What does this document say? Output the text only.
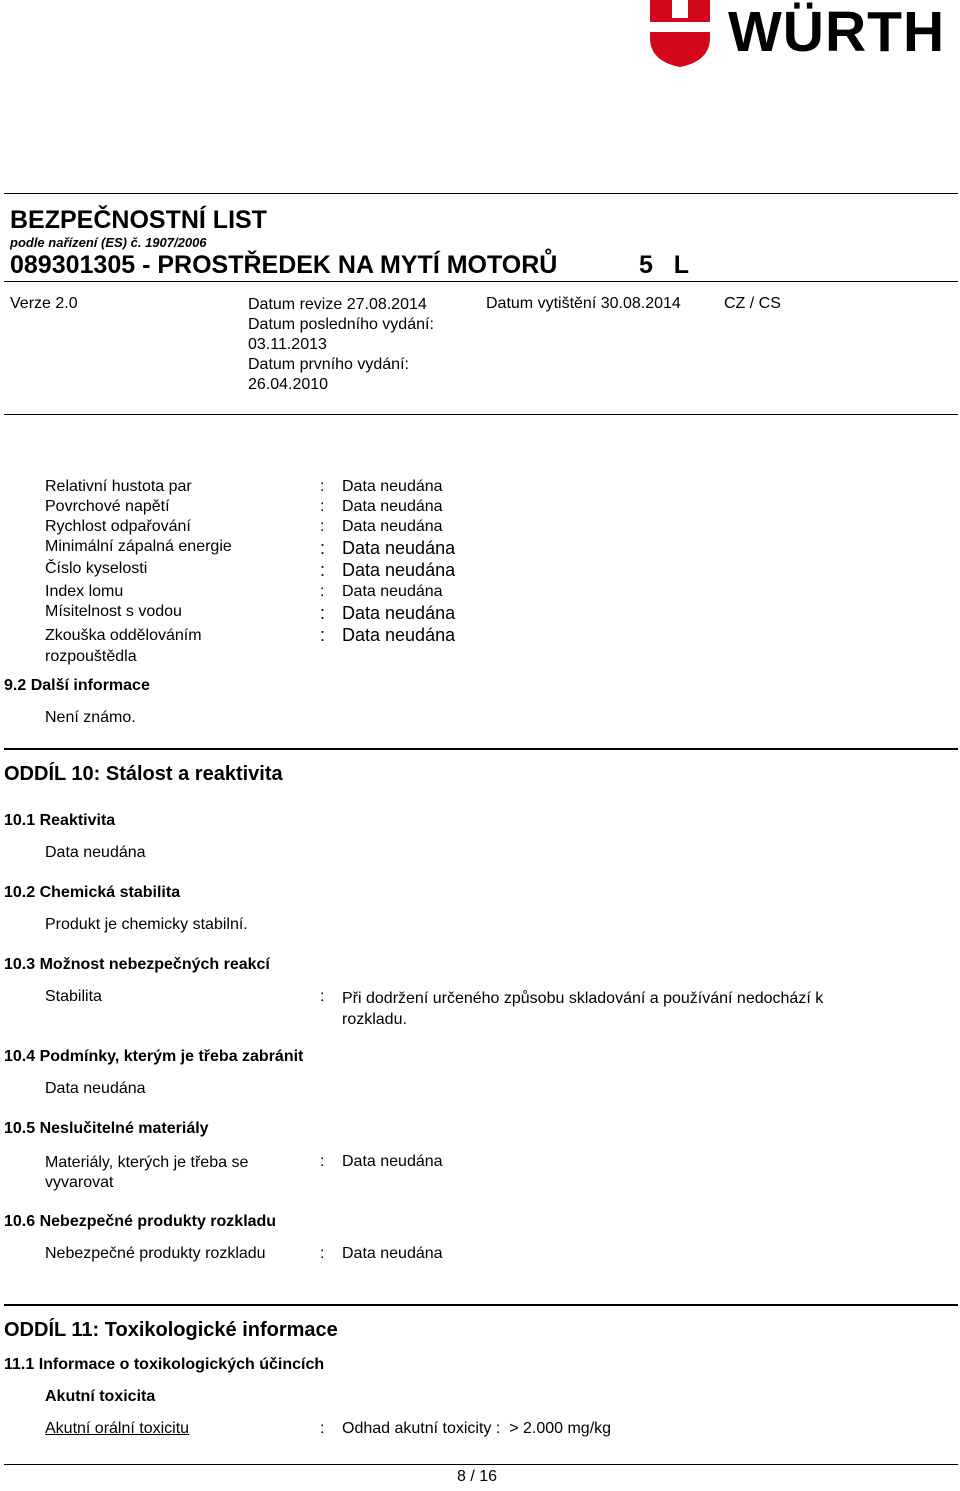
WÜRTH
BEZPEČNOSTNÍ LIST
podle nařízení (ES) č. 1907/2006
089301305 - PROSTŘEDEK NA MYTÍ MOTORŮ	5   L
Verze 2.0	Datum revize 27.08.2014
Datum posledního vydání:
03.11.2013
Datum prvního vydání:
26.04.2010
Datum vytištění 30.08.2014	CZ / CS
Relativní hustota par	: Data neudána
Povrchové napětí	: Data neudána
Rychlost odpařování	: Data neudána
Minimální zápalná energie	: Data neudána
Číslo kyselosti	: Data neudána
Index lomu	: Data neudána
Mísitelnost s vodou	: Data neudána
Zkouška oddělováním
rozpouštědla
: Data neudána
9.2 Další informace
Není známo.
ODDÍL 10: Stálost a reaktivita
10.1 Reaktivita
Data neudána
10.2 Chemická stabilita
Produkt je chemicky stabilní.
10.3 Možnost nebezpečných reakcí
Stabilita	: Při dodržení určeného způsobu skladování a používání nedochází k
rozkladu.
10.4 Podmínky, kterým je třeba zabránit
Data neudána
10.5 Neslučitelné materiály
Materiály, kterých je třeba se
vyvarovat
: Data neudána
10.6 Nebezpečné produkty rozkladu
Nebezpečné produkty rozkladu	: Data neudána
ODDÍL 11: Toxikologické informace
11.1 Informace o toxikologických účincích
Akutní toxicita
Akutní orální toxicitu	: Odhad akutní toxicity :  > 2.000 mg/kg
8 / 16
